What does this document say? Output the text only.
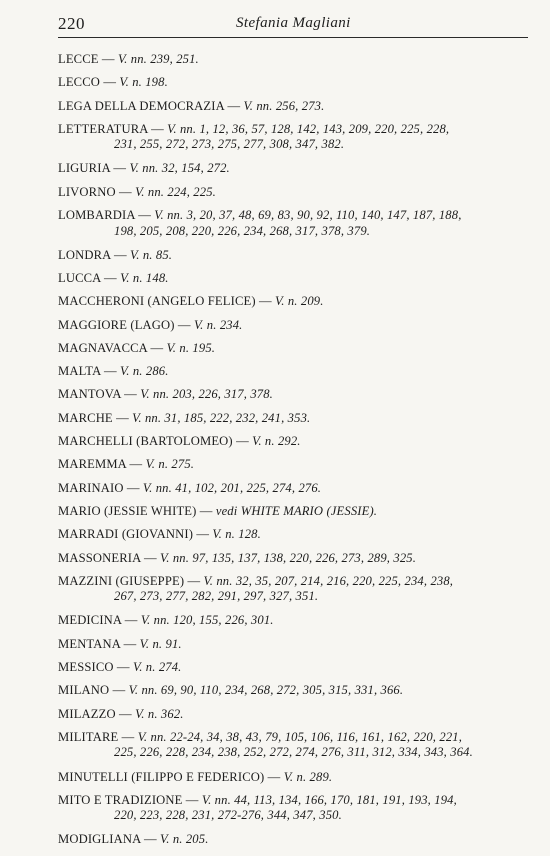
220	Stefania Magliani
LECCE — V. nn. 239, 251.
LECCO — V. n. 198.
LEGA DELLA DEMOCRAZIA — V. nn. 256, 273.
LETTERATURA — V. nn. 1, 12, 36, 57, 128, 142, 143, 209, 220, 225, 228,
231, 255, 272, 273, 275, 277, 308, 347, 382.
LIGURIA — V. nn. 32, 154, 272.
LIVORNO — V. nn. 224, 225.
LOMBARDIA — V. nn. 3, 20, 37, 48, 69, 83, 90, 92, 110, 140, 147, 187, 188,
198, 205, 208, 220, 226, 234, 268, 317, 378, 379.
LONDRA — V. n. 85.
LUCCA — V. n. 148.
MACCHERONI (ANGELO FELICE) — V. n. 209.
MAGGIORE (LAGO) — V. n. 234.
MAGNAVACCA — V. n. 195.
MALTA — V. n. 286.
MANTOVA — V. nn. 203, 226, 317, 378.
MARCHE — V. nn. 31, 185, 222, 232, 241, 353.
MARCHELLI (BARTOLOMEO) — V. n. 292.
MAREMMA — V. n. 275.
MARINAIO — V. nn. 41, 102, 201, 225, 274, 276.
MARIO (JESSIE WHITE) — vedi WHITE MARIO (JESSIE).
MARRADI (GIOVANNI) — V. n. 128.
MASSONERIA — V. nn. 97, 135, 137, 138, 220, 226, 273, 289, 325.
MAZZINI (GIUSEPPE) — V. nn. 32, 35, 207, 214, 216, 220, 225, 234, 238,
267, 273, 277, 282, 291, 297, 327, 351.
MEDICINA — V. nn. 120, 155, 226, 301.
MENTANA — V. n. 91.
MESSICO — V. n. 274.
MILANO — V. nn. 69, 90, 110, 234, 268, 272, 305, 315, 331, 366.
MILAZZO — V. n. 362.
MILITARE — V. nn. 22-24, 34, 38, 43, 79, 105, 106, 116, 161, 162, 220, 221,
225, 226, 228, 234, 238, 252, 272, 274, 276, 311, 312, 334, 343, 364.
MINUTELLI (FILIPPO E FEDERICO) — V. n. 289.
MITO E TRADIZIONE — V. nn. 44, 113, 134, 166, 170, 181, 191, 193, 194,
220, 223, 228, 231, 272-276, 344, 347, 350.
MODIGLIANA — V. n. 205.
